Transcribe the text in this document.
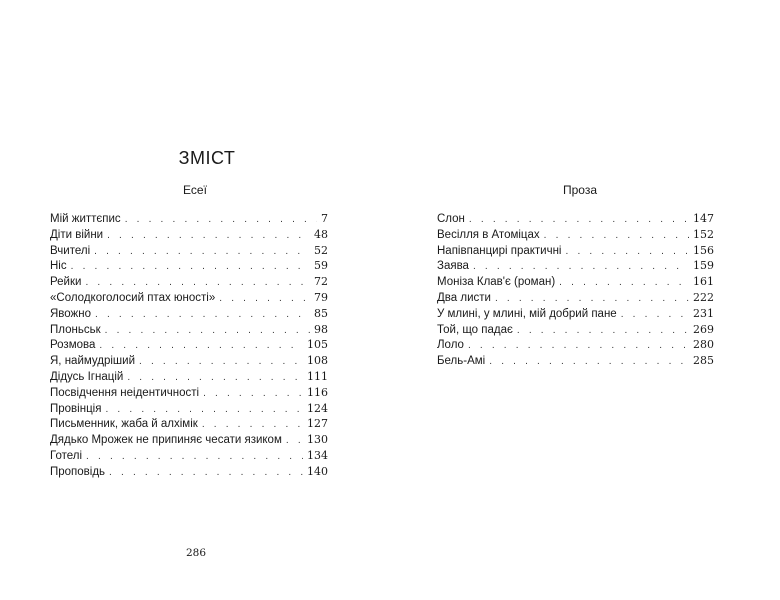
ЗМІСТ
Есеї	Проза
Мій життєпис . . .	7
Діти війни . . .	48
Вчителі . . .	52
Ніс . . .	59
Рейки . . .	72
«Солодкоголосий птах юності» . . .	79
Явожно . . .	85
Плоньськ . . .	98
Розмова . . .	105
Я, наймудріший . . .	108
Дідусь Ігнацій . . .	111
Посвідчення неідентичності . . .	116
Провінція . . .	124
Письменник, жаба й алхімік . . .	127
Дядько Мрожек не припиняє чесати язиком . . . 130
Готелі . . .	134
Проповідь . . .	140
Слон . . .	147
Весілля в Атоміцах . . .	152
Напівпанцирі практичні . . .	156
Заява . . .	159
Моніза Клав'є (роман) . . .	161
Два листи . . .	222
У млині, у млині, мій добрий пане . . .	231
Той, що падає . . .	269
Лоло . . .	280
Бель-Амі . . .	285
286
